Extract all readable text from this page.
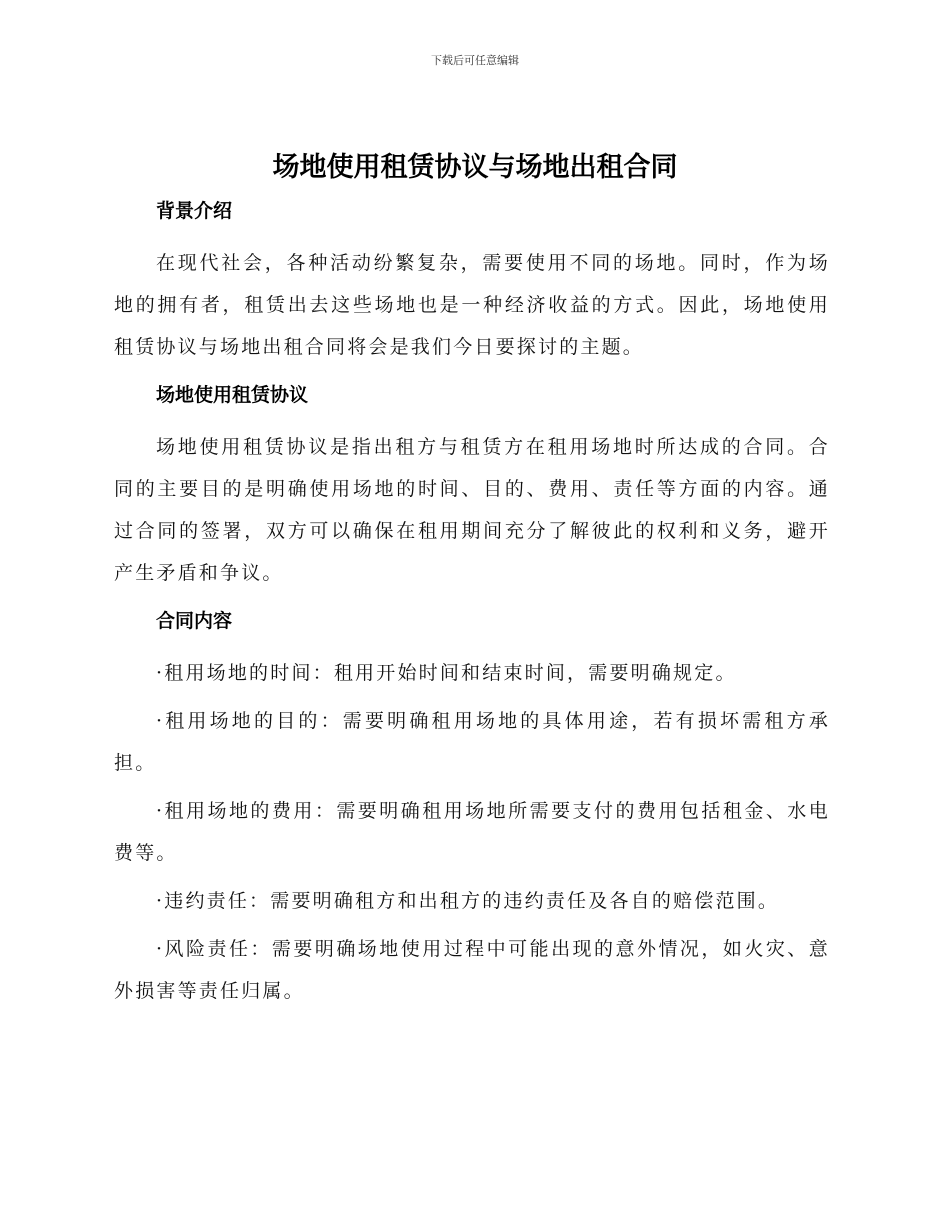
下载后可任意编辑
场地使用租赁协议与场地出租合同

背景介绍

在现代社会，各种活动纷繁复杂，需要使用不同的场地。同时，作为场地的拥有者，租赁出去这些场地也是一种经济收益的方式。因此，场地使用租赁协议与场地出租合同将会是我们今日要探讨的主题。

场地使用租赁协议

场地使用租赁协议是指出租方与租赁方在租用场地时所达成的合同。合同的主要目的是明确使用场地的时间、目的、费用、责任等方面的内容。通过合同的签署，双方可以确保在租用期间充分了解彼此的权利和义务，避开产生矛盾和争议。

合同内容

·租用场地的时间：租用开始时间和结束时间，需要明确规定。

·租用场地的目的：需要明确租用场地的具体用途，若有损坏需租方承担。

·租用场地的费用：需要明确租用场地所需要支付的费用包括租金、水电费等。

·违约责任：需要明确租方和出租方的违约责任及各自的赔偿范围。

·风险责任：需要明确场地使用过程中可能出现的意外情况，如火灾、意外损害等责任归属。
